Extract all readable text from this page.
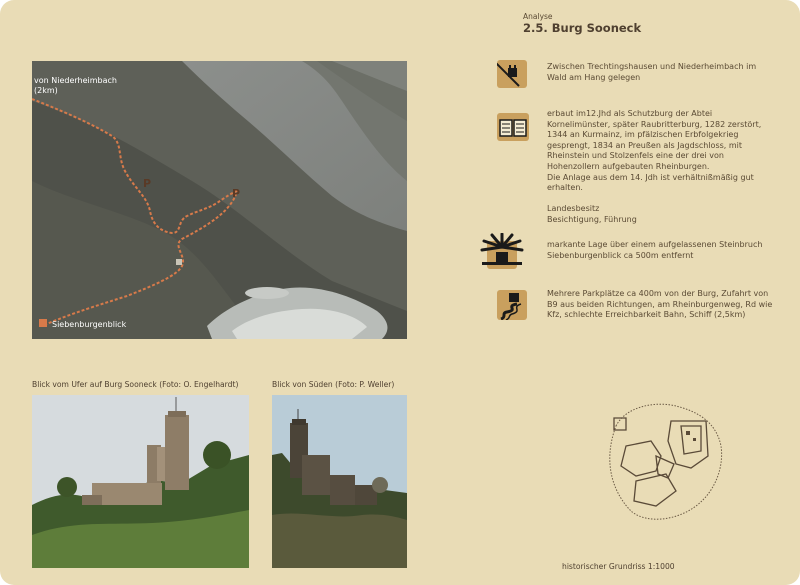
Analyse
2.5. Burg Sooneck
von Niederheimbach
(2km)
P
P
Siebenburgenblick
Blick vom Ufer auf Burg Sooneck (Foto: O. Engelhardt)	Blick von Süden (Foto: P. Weller)

Zwischen Trechtingshausen und Niederheimbach im

Wald am Hang gelegen

erbaut im12.Jhd als Schutzburg der Abtei

Kornelimünster, später Raubritterburg, 1282 zerstört,

1344 an Kurmainz, im pfälzischen Erbfolgekrieg

gesprengt, 1834 an Preußen als Jagdschloss, mit

Rheinstein und Stolzenfels eine der drei von

Hohenzollern aufgebauten Rheinburgen.

Die Anlage aus dem 14. Jdh ist verhältnißmäßig gut

erhalten.

Landesbesitz

Besichtigung, Führung

markante Lage über einem aufgelassenen Steinbruch

Siebenburgenblick ca 500m entfernt

Mehrere Parkplätze ca 400m von der Burg, Zufahrt von

B9 aus beiden Richtungen, am Rheinburgenweg, Rd wie

Kfz, schlechte Erreichbarkeit Bahn, Schiff (2,5km)

historischer Grundriss 1:1000
